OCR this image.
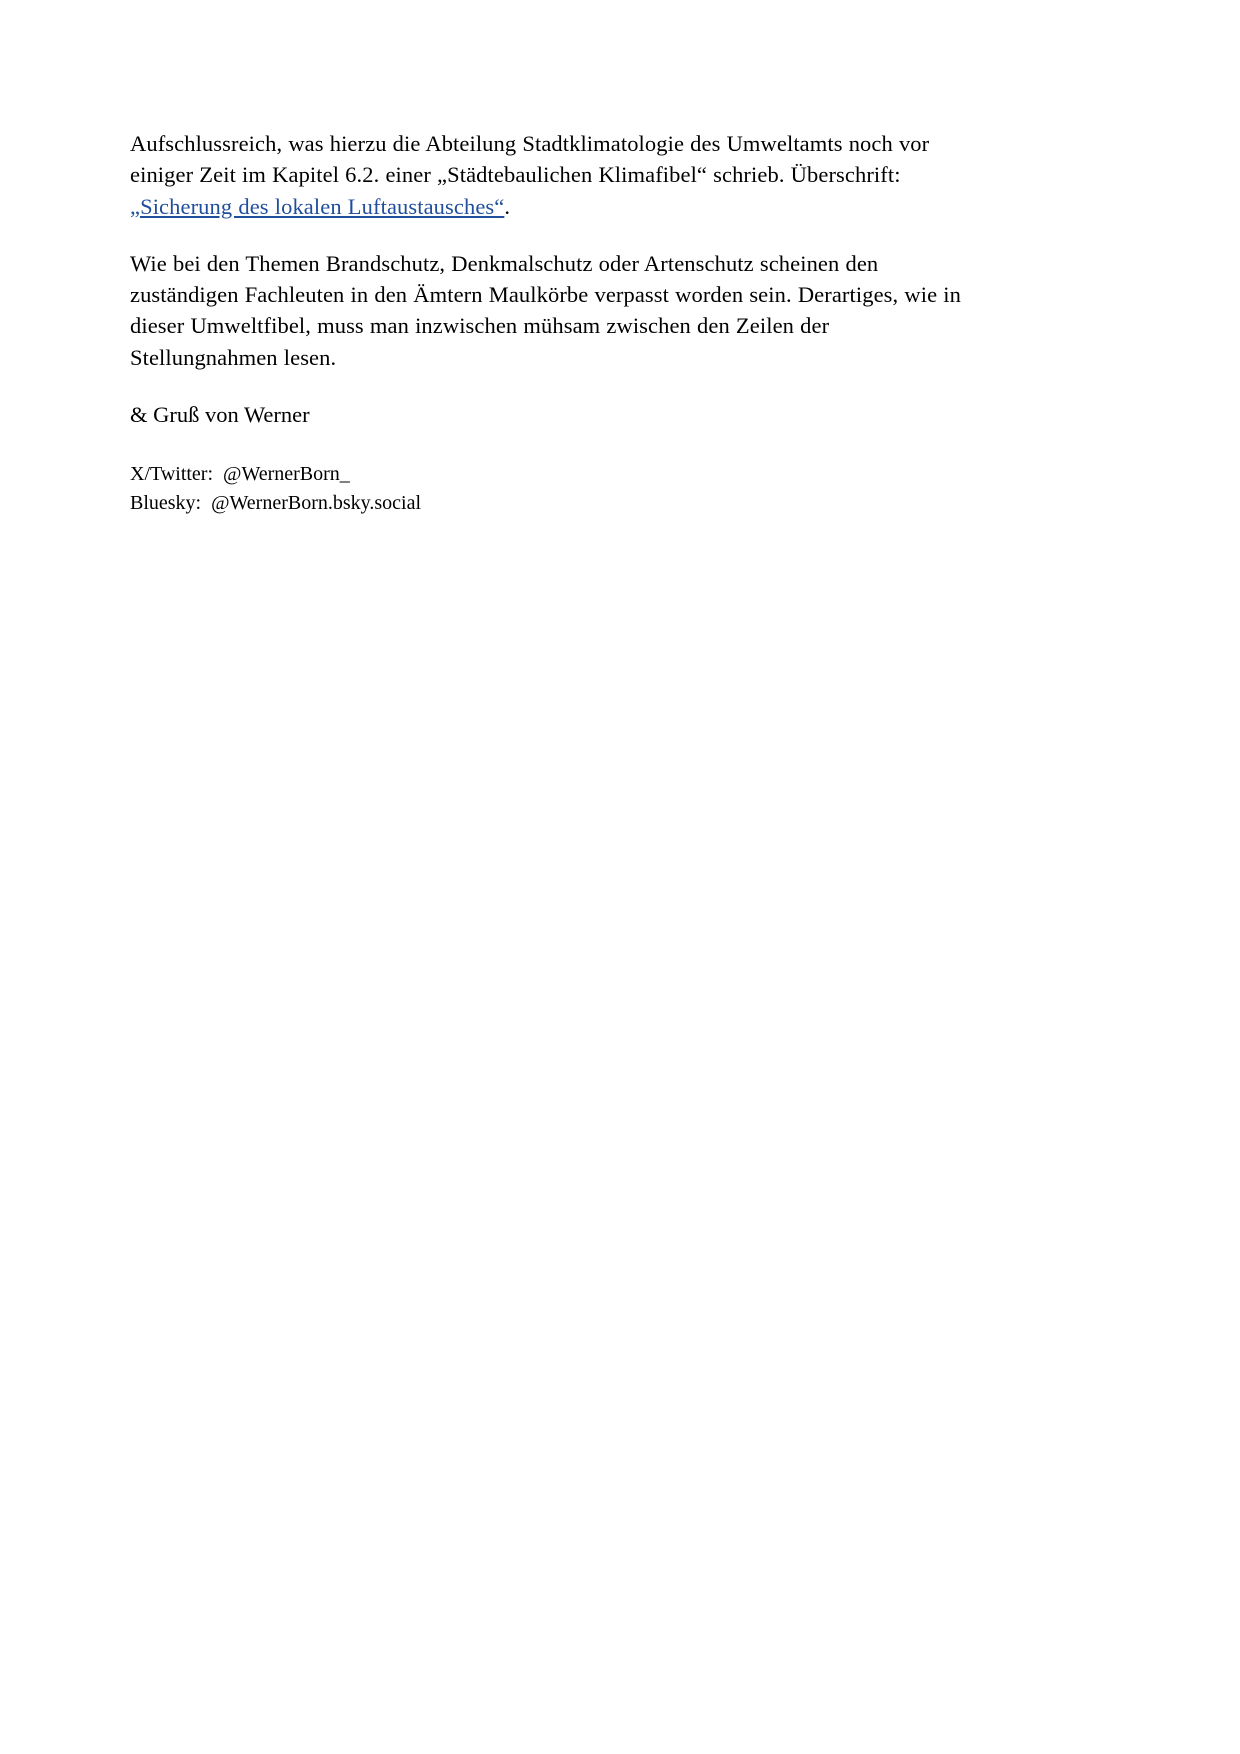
Aufschlussreich, was hierzu die Abteilung Stadtklimatologie des Umweltamts noch vor einiger Zeit im Kapitel 6.2. einer „Städtebaulichen Klimafibel“ schrieb. Überschrift: „Sicherung des lokalen Luftaustausches“.

Wie bei den Themen Brandschutz, Denkmalschutz oder Artenschutz scheinen den zuständigen Fachleuten in den Ämtern Maulkörbe verpasst worden sein. Derartiges, wie in dieser Umweltfibel, muss man inzwischen mühsam zwischen den Zeilen der Stellungnahmen lesen.

& Gruß von Werner

X/Twitter:  @WernerBorn_
Bluesky:  @WernerBorn.bsky.social
